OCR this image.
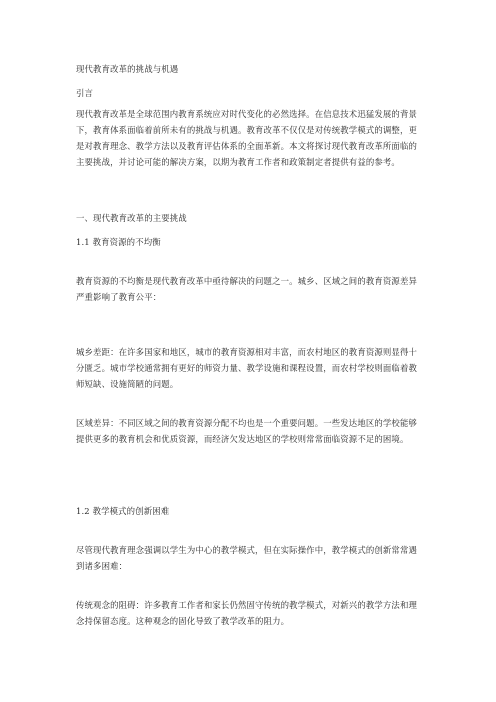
现代教育改革的挑战与机遇
引言
现代教育改革是全球范围内教育系统应对时代变化的必然选择。在信息技术迅猛发展的背景下，教育体系面临着前所未有的挑战与机遇。教育改革不仅仅是对传统教学模式的调整，更是对教育理念、教学方法以及教育评估体系的全面革新。本文将探讨现代教育改革所面临的主要挑战，并讨论可能的解决方案，以期为教育工作者和政策制定者提供有益的参考。
一、现代教育改革的主要挑战
1.1 教育资源的不均衡
教育资源的不均衡是现代教育改革中亟待解决的问题之一。城乡、区域之间的教育资源差异严重影响了教育公平：
城乡差距：在许多国家和地区，城市的教育资源相对丰富，而农村地区的教育资源则显得十分匮乏。城市学校通常拥有更好的师资力量、教学设施和课程设置，而农村学校则面临着教师短缺、设施简陋的问题。
区域差异：不同区域之间的教育资源分配不均也是一个重要问题。一些发达地区的学校能够提供更多的教育机会和优质资源，而经济欠发达地区的学校则常常面临资源不足的困境。
1.2 教学模式的创新困难
尽管现代教育理念强调以学生为中心的教学模式，但在实际操作中，教学模式的创新常常遇到诸多困难：
传统观念的阻碍：许多教育工作者和家长仍然固守传统的教学模式，对新兴的教学方法和理念持保留态度。这种观念的固化导致了教学改革的阻力。
